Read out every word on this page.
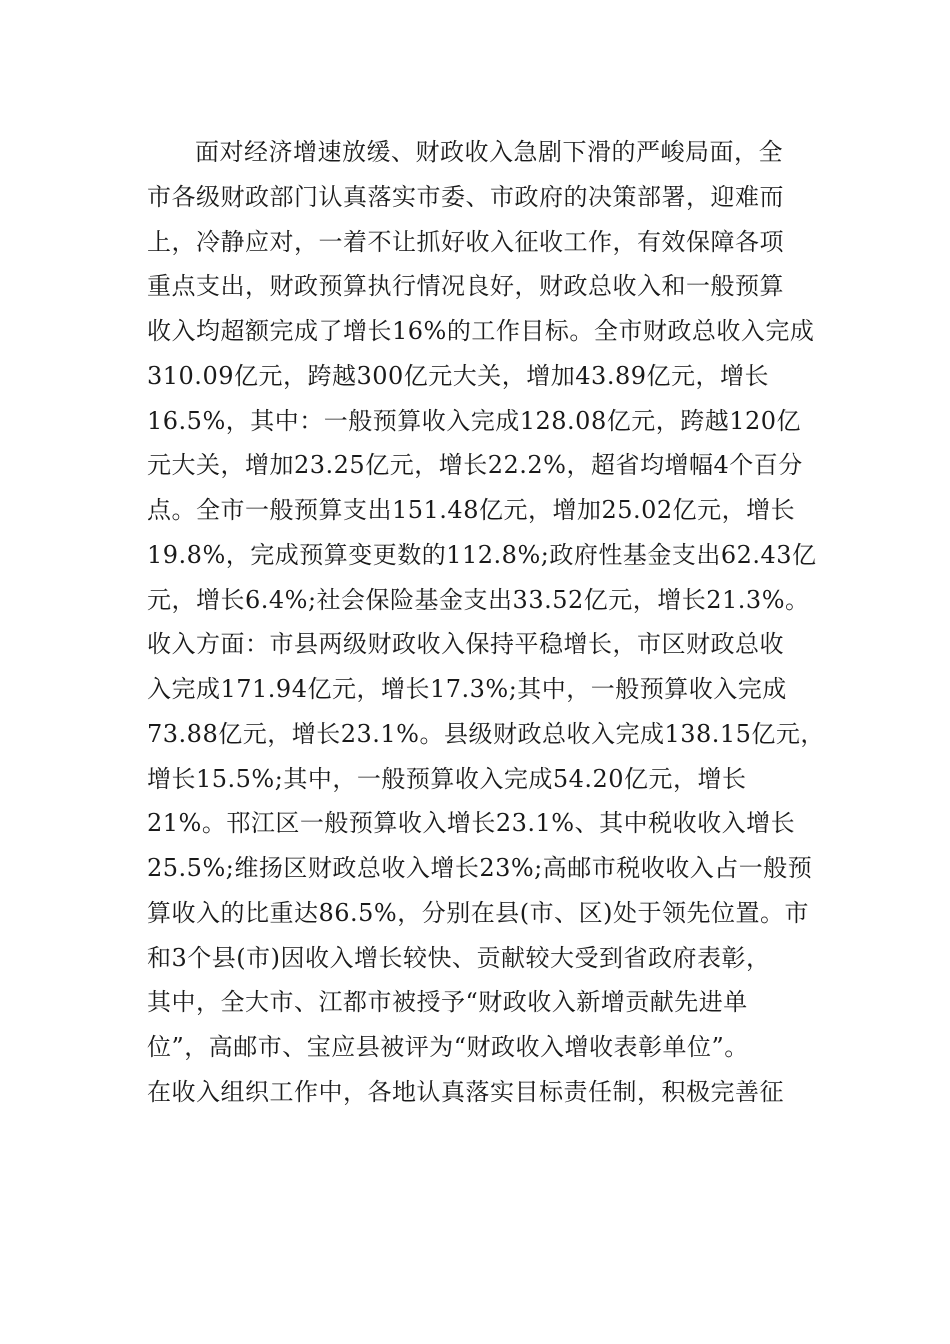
面对经济增速放缓、财政收入急剧下滑的严峻局面，全
市各级财政部门认真落实市委、市政府的决策部署，迎难而
上，冷静应对，一着不让抓好收入征收工作，有效保障各项
重点支出，财政预算执行情况良好，财政总收入和一般预算
收入均超额完成了增长16%的工作目标。全市财政总收入完成
310.09亿元，跨越300亿元大关，增加43.89亿元，增长
16.5%，其中：一般预算收入完成128.08亿元，跨越120亿
元大关，增加23.25亿元，增长22.2%，超省均增幅4个百分
点。全市一般预算支出151.48亿元，增加25.02亿元，增长
19.8%，完成预算变更数的112.8%;政府性基金支出62.43亿
元，增长6.4%;社会保险基金支出33.52亿元，增长21.3%。
收入方面：市县两级财政收入保持平稳增长，市区财政总收
入完成171.94亿元，增长17.3%;其中，一般预算收入完成
73.88亿元，增长23.1%。县级财政总收入完成138.15亿元，
增长15.5%;其中，一般预算收入完成54.20亿元，增长
21%。邗江区一般预算收入增长23.1%、其中税收收入增长
25.5%;维扬区财政总收入增长23%;高邮市税收收入占一般预
算收入的比重达86.5%，分别在县(市、区)处于领先位置。市
和3个县(市)因收入增长较快、贡献较大受到省政府表彰，
其中，全大市、江都市被授予“财政收入新增贡献先进单
位”，高邮市、宝应县被评为“财政收入增收表彰单位”。
在收入组织工作中，各地认真落实目标责任制，积极完善征
